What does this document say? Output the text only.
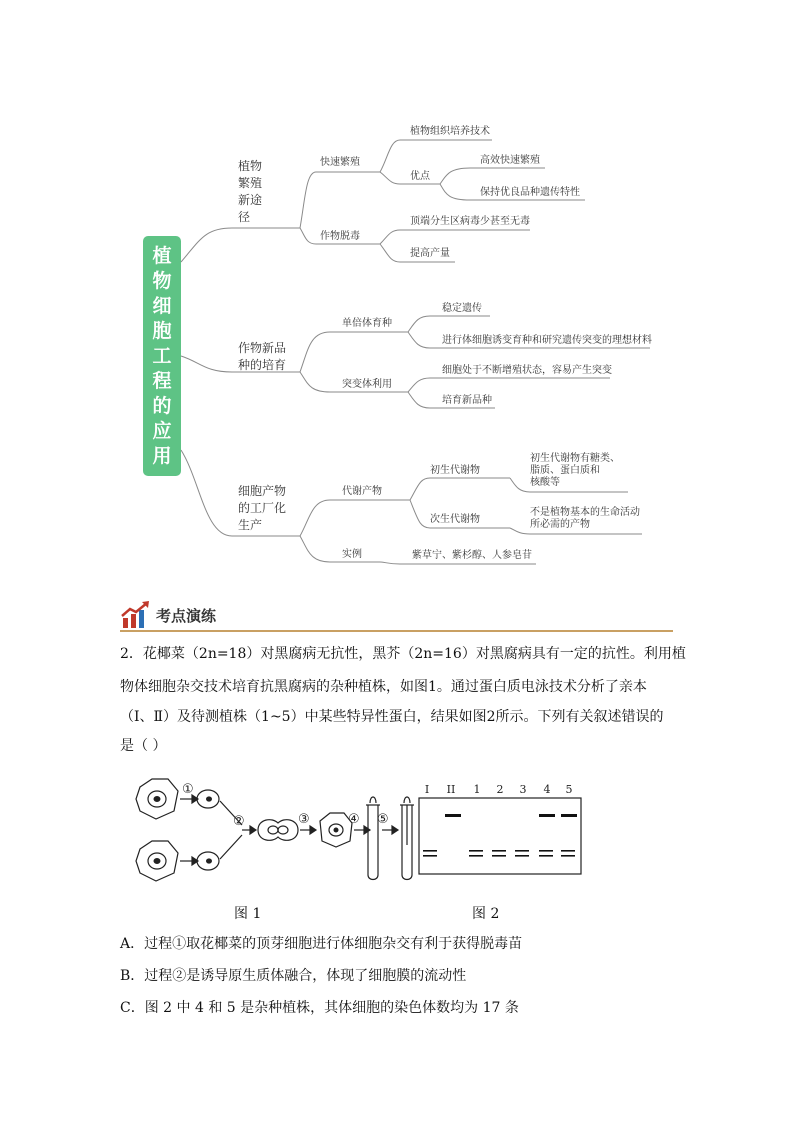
植
物
细
胞
工
程
的
应
用
植物
繁殖
新途
径
快速繁殖
植物组织培养技术
优点
高效快速繁殖
保持优良品种遗传特性
作物脱毒
顶端分生区病毒少甚至无毒
提高产量
作物新品
种的培育
单倍体育种
稳定遗传
进行体细胞诱变育种和研究遗传突变的理想材料
突变体利用
细胞处于不断增殖状态，容易产生突变
培育新品种
细胞产物
的工厂化
生产
代谢产物
初生代谢物
初生代谢物有糖类、
脂质、蛋白质和
核酸等
次生代谢物
不是植物基本的生命活动
所必需的产物
实例	紫草宁、紫杉醇、人参皂苷
考点演练
2．花椰菜（2n=18）对黑腐病无抗性，黑芥（2n=16）对黑腐病具有一定的抗性。利用植
物体细胞杂交技术培育抗黑腐病的杂种植株，如图1。通过蛋白质电泳技术分析了亲本
（Ⅰ、Ⅱ）及待测植株（1~5）中某些特异性蛋白，结果如图2所示。下列有关叙述错误的
是（ ）
①
②	③	④ ⑤
图 1
I II 1 2 3 4 5
图 2
A．过程①取花椰菜的顶芽细胞进行体细胞杂交有利于获得脱毒苗
B．过程②是诱导原生质体融合，体现了细胞膜的流动性
C．图 2 中 4 和 5 是杂种植株，其体细胞的染色体数均为 17 条
